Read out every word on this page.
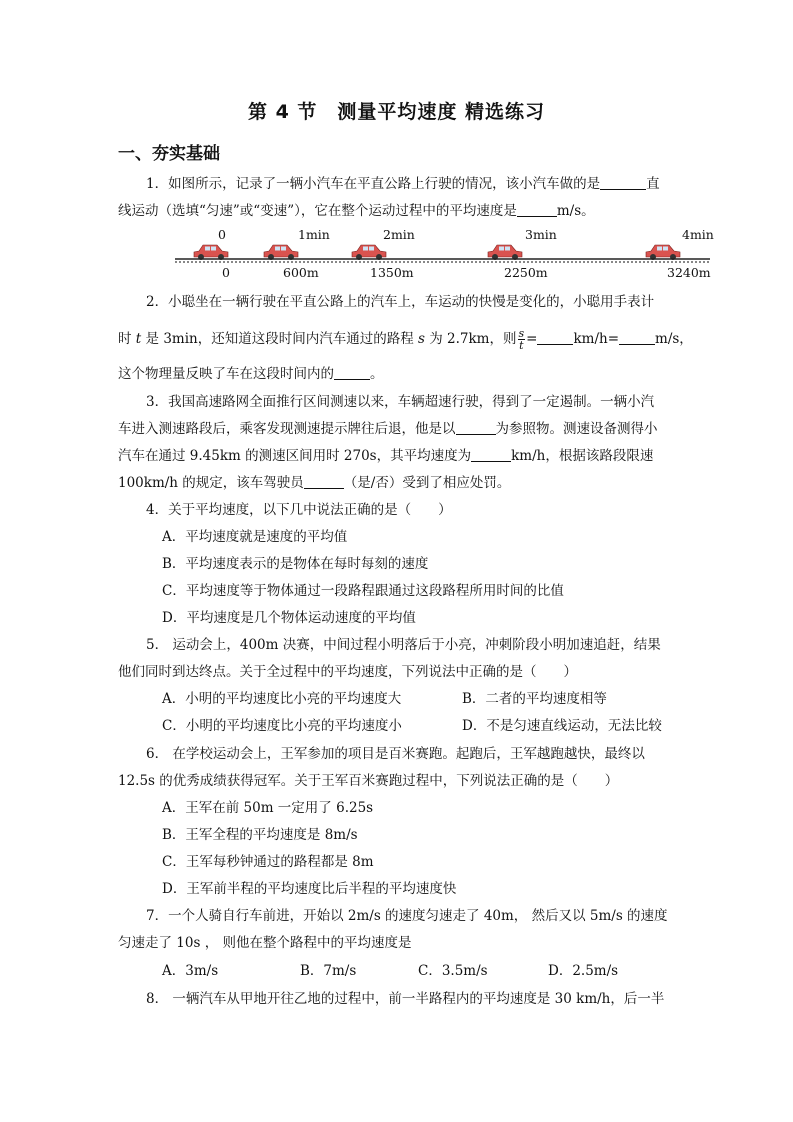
第 4 节　测量平均速度 精选练习
一、夯实基础
1．如图所示，记录了一辆小汽车在平直公路上行驶的情况，该小汽车做的是	直
线运动（选填“匀速”或“变速”），它在整个运动过程中的平均速度是	m/s。
0	1min	2min	3min	4min
0	600m	1350m	2250m	3240m
2．小聪坐在一辆行驶在平直公路上的汽车上，车运动的快慢是变化的，小聪用手表计
时 t 是 3min，还知道这段时间内汽车通过的路程 s 为 2.7km，则 $\frac{s}{t}$ =	km/h=	m/s，
这个物理量反映了车在这段时间内的	。
3．我国高速路网全面推行区间测速以来，车辆超速行驶，得到了一定遏制。一辆小汽
车进入测速路段后，乘客发现测速提示牌往后退，他是以	为参照物。测速设备测得小
汽车在通过 9.45km 的测速区间用时 270s，其平均速度为	km/h，根据该路段限速
100km/h 的规定，该车驾驶员	（是/否）受到了相应处罚。
4．关于平均速度，以下几中说法正确的是（　　）
A．平均速度就是速度的平均值
B．平均速度表示的是物体在每时每刻的速度
C．平均速度等于物体通过一段路程跟通过这段路程所用时间的比值
D．平均速度是几个物体运动速度的平均值
5． 运动会上，400m 决赛，中间过程小明落后于小亮，冲刺阶段小明加速追赶，结果
他们同时到达终点。关于全过程中的平均速度，下列说法中正确的是（　　）
A．小明的平均速度比小亮的平均速度大	B．二者的平均速度相等
C．小明的平均速度比小亮的平均速度小	D．不是匀速直线运动，无法比较
6． 在学校运动会上，王军参加的项目是百米赛跑。起跑后，王军越跑越快，最终以
12.5s 的优秀成绩获得冠军。关于王军百米赛跑过程中，下列说法正确的是（　　）
A．王军在前 50m 一定用了 6.25s
B．王军全程的平均速度是 8m/s
C．王军每秒钟通过的路程都是 8m
D．王军前半程的平均速度比后半程的平均速度快
7．一个人骑自行车前进，开始以 2m/s 的速度匀速走了 40m， 然后又以 5m/s 的速度
匀速走了 10s ， 则他在整个路程中的平均速度是
A．3m/s	B．7m/s	C．3.5m/s	D．2.5m/s
8． 一辆汽车从甲地开往乙地的过程中，前一半路程内的平均速度是 30 km/h，后一半
